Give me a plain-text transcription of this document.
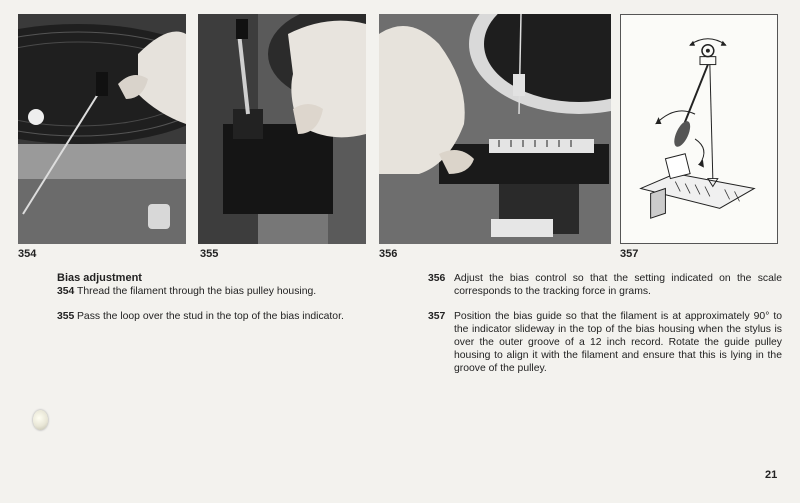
354	355	356	357
Bias adjustment
354 Thread the filament through the bias pulley housing.
355 Pass the loop over the stud in the top of the bias indicator.
356 Adjust the bias control so that the setting indicated on the scale corresponds to the tracking force in grams.
357 Position the bias guide so that the filament is at approximately 90° to the indicator slideway in the top of the bias housing when the stylus is over the outer groove of a 12 inch record. Rotate the guide pulley housing to align it with the filament and ensure that this is lying in the groove of the pulley.
21
